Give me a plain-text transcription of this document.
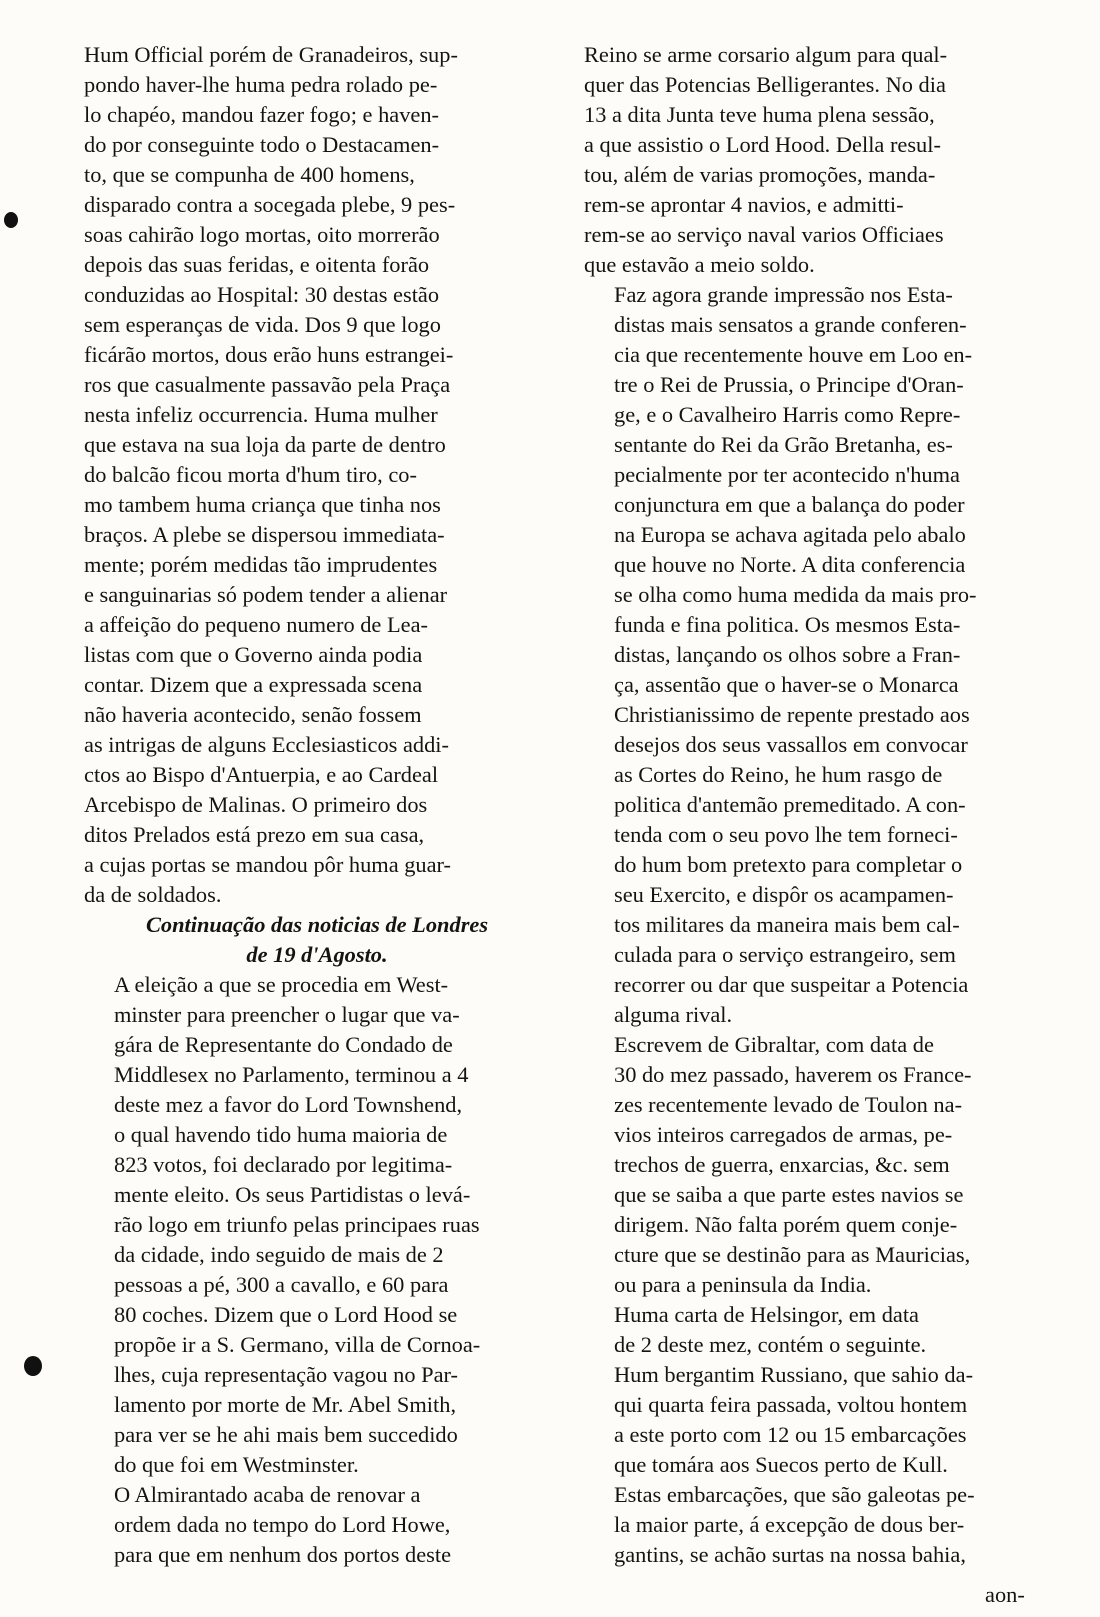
Hum Official porém de Granadeiros, sup-
pondo haver-lhe huma pedra rolado pe-
lo chapéo, mandou fazer fogo; e haven-
do por conseguinte todo o Destacamen-
to, que se compunha de 400 homens,
disparado contra a socegada plebe, 9 pes-
soas cahirão logo mortas, oito morrerão
depois das suas feridas, e oitenta forão
conduzidas ao Hospital: 30 destas estão
sem esperanças de vida. Dos 9 que logo
ficárão mortos, dous erão huns estrangei-
ros que casualmente passavão pela Praça
nesta infeliz occurrencia. Huma mulher
que estava na sua loja da parte de dentro
do balcão ficou morta d'hum tiro, co-
mo tambem huma criança que tinha nos
braços. A plebe se dispersou immediata-
mente; porém medidas tão imprudentes
e sanguinarias só podem tender a alienar
a affeição do pequeno numero de Lea-
listas com que o Governo ainda podia
contar. Dizem que a expressada scena
não haveria acontecido, senão fossem
as intrigas de alguns Ecclesiasticos addi-
ctos ao Bispo d'Antuerpia, e ao Cardeal
Arcebispo de Malinas. O primeiro dos
ditos Prelados está prezo em sua casa,
a cujas portas se mandou pôr huma guar-
da de soldados.

Continuação das noticias de Londres
de 19 d'Agosto.

A eleição a que se procedia em West-
minster para preencher o lugar que va-
gára de Representante do Condado de
Middlesex no Parlamento, terminou a 4
deste mez a favor do Lord Townshend,
o qual havendo tido huma maioria de
823 votos, foi declarado por legitima-
mente eleito. Os seus Partidistas o levá-
rão logo em triunfo pelas principaes ruas
da cidade, indo seguido de mais de 2
pessoas a pé, 300 a cavallo, e 60 para
80 coches. Dizem que o Lord Hood se
propõe ir a S. Germano, villa de Cornoa-
lhes, cuja representação vagou no Par-
lamento por morte de Mr. Abel Smith,
para ver se he ahi mais bem succedido
do que foi em Westminster.

O Almirantado acaba de renovar a
ordem dada no tempo do Lord Howe,
para que em nenhum dos portos deste

Reino se arme corsario algum para qual-
quer das Potencias Belligerantes. No dia
13 a dita Junta teve huma plena sessão,
a que assistio o Lord Hood. Della resul-
tou, além de varias promoções, manda-
rem-se aprontar 4 navios, e admitti-
rem-se ao serviço naval varios Officiaes
que estavão a meio soldo.

Faz agora grande impressão nos Esta-
distas mais sensatos a grande conferen-
cia que recentemente houve em Loo en-
tre o Rei de Prussia, o Principe d'Oran-
ge, e o Cavalheiro Harris como Repre-
sentante do Rei da Grão Bretanha, es-
pecialmente por ter acontecido n'huma
conjunctura em que a balança do poder
na Europa se achava agitada pelo abalo
que houve no Norte. A dita conferencia
se olha como huma medida da mais pro-
funda e fina politica. Os mesmos Esta-
distas, lançando os olhos sobre a Fran-
ça, assentão que o haver-se o Monarca
Christianissimo de repente prestado aos
desejos dos seus vassallos em convocar
as Cortes do Reino, he hum rasgo de
politica d'antemão premeditado. A con-
tenda com o seu povo lhe tem forneci-
do hum bom pretexto para completar o
seu Exercito, e dispôr os acampamen-
tos militares da maneira mais bem cal-
culada para o serviço estrangeiro, sem
recorrer ou dar que suspeitar a Potencia
alguma rival.

Escrevem de Gibraltar, com data de
30 do mez passado, haverem os France-
zes recentemente levado de Toulon na-
vios inteiros carregados de armas, pe-
trechos de guerra, enxarcias, &c. sem
que se saiba a que parte estes navios se
dirigem. Não falta porém quem conje-
cture que se destinão para as Mauricias,
ou para a peninsula da India.

Huma carta de Helsingor, em data
de 2 deste mez, contém o seguinte.
Hum bergantim Russiano, que sahio da-
qui quarta feira passada, voltou hontem
a este porto com 12 ou 15 embarcações
que tomára aos Suecos perto de Kull.
Estas embarcações, que são galeotas pe-
la maior parte, á excepção de dous ber-
gantins, se achão surtas na nossa bahia,

aon-
